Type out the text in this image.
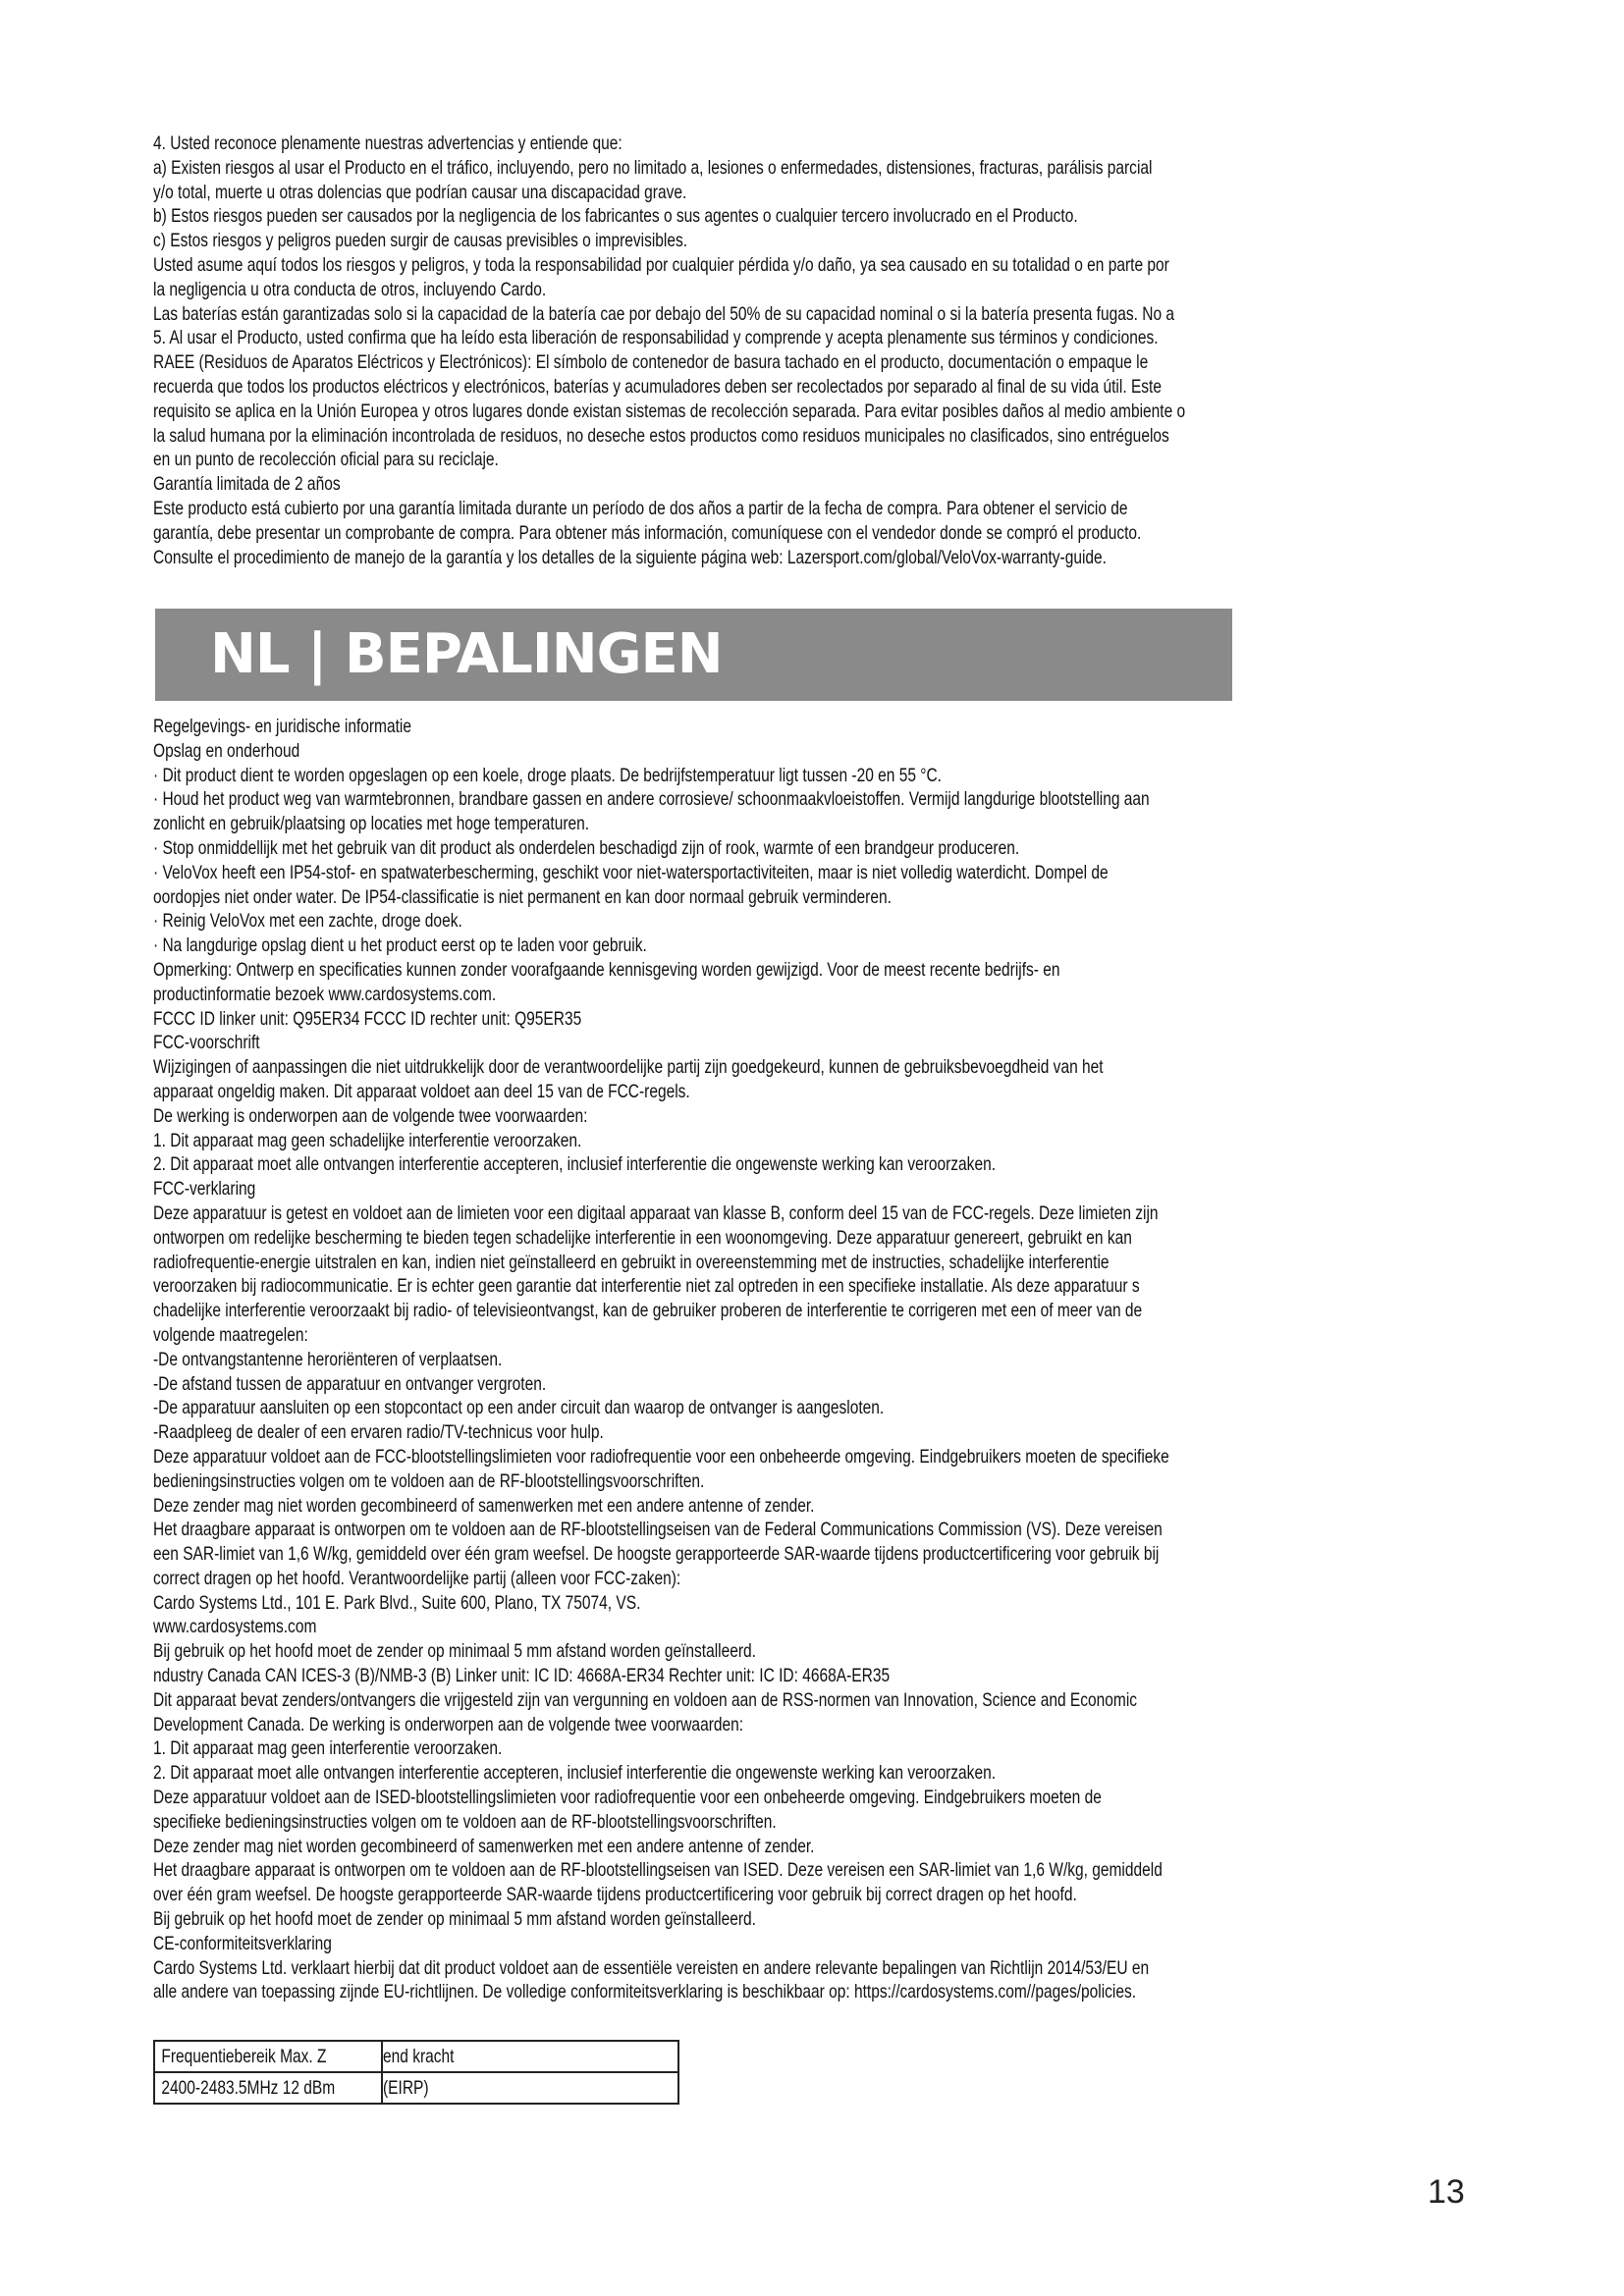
4. Usted reconoce plenamente nuestras advertencias y entiende que:
a) Existen riesgos al usar el Producto en el tráfico, incluyendo, pero no limitado a, lesiones o enfermedades, distensiones, fracturas, parálisis parcial
y/o total, muerte u otras dolencias que podrían causar una discapacidad grave.
b) Estos riesgos pueden ser causados por la negligencia de los fabricantes o sus agentes o cualquier tercero involucrado en el Producto.
c) Estos riesgos y peligros pueden surgir de causas previsibles o imprevisibles.
Usted asume aquí todos los riesgos y peligros, y toda la responsabilidad por cualquier pérdida y/o daño, ya sea causado en su totalidad o en parte por
la negligencia u otra conducta de otros, incluyendo Cardo.
Las baterías están garantizadas solo si la capacidad de la batería cae por debajo del 50% de su capacidad nominal o si la batería presenta fugas. No a
5. Al usar el Producto, usted confirma que ha leído esta liberación de responsabilidad y comprende y acepta plenamente sus términos y condiciones.
RAEE (Residuos de Aparatos Eléctricos y Electrónicos): El símbolo de contenedor de basura tachado en el producto, documentación o empaque le
recuerda que todos los productos eléctricos y electrónicos, baterías y acumuladores deben ser recolectados por separado al final de su vida útil. Este
requisito se aplica en la Unión Europea y otros lugares donde existan sistemas de recolección separada. Para evitar posibles daños al medio ambiente o
la salud humana por la eliminación incontrolada de residuos, no deseche estos productos como residuos municipales no clasificados, sino entréguelos
en un punto de recolección oficial para su reciclaje.
Garantía limitada de 2 años
Este producto está cubierto por una garantía limitada durante un período de dos años a partir de la fecha de compra. Para obtener el servicio de
garantía, debe presentar un comprobante de compra. Para obtener más información, comuníquese con el vendedor donde se compró el producto.
Consulte el procedimiento de manejo de la garantía y los detalles de la siguiente página web: Lazersport.com/global/VeloVox-warranty-guide.
NL | BEPALINGEN
Regelgevings- en juridische informatie
Opslag en onderhoud
· Dit product dient te worden opgeslagen op een koele, droge plaats. De bedrijfstemperatuur ligt tussen -20 en 55 °C.
· Houd het product weg van warmtebronnen, brandbare gassen en andere corrosieve/ schoonmaakvloeistoffen. Vermijd langdurige blootstelling aan
zonlicht en gebruik/plaatsing op locaties met hoge temperaturen.
· Stop onmiddellijk met het gebruik van dit product als onderdelen beschadigd zijn of rook, warmte of een brandgeur produceren.
· VeloVox heeft een IP54-stof- en spatwaterbescherming, geschikt voor niet-watersportactiviteiten, maar is niet volledig waterdicht. Dompel de
oordopjes niet onder water. De IP54-classificatie is niet permanent en kan door normaal gebruik verminderen.
· Reinig VeloVox met een zachte, droge doek.
· Na langdurige opslag dient u het product eerst op te laden voor gebruik.
Opmerking: Ontwerp en specificaties kunnen zonder voorafgaande kennisgeving worden gewijzigd. Voor de meest recente bedrijfs- en
productinformatie bezoek www.cardosystems.com.
FCCC ID linker unit: Q95ER34 FCCC ID rechter unit: Q95ER35
FCC-voorschrift
Wijzigingen of aanpassingen die niet uitdrukkelijk door de verantwoordelijke partij zijn goedgekeurd, kunnen de gebruiksbevoegdheid van het
apparaat ongeldig maken. Dit apparaat voldoet aan deel 15 van de FCC-regels.
De werking is onderworpen aan de volgende twee voorwaarden:
1. Dit apparaat mag geen schadelijke interferentie veroorzaken.
2. Dit apparaat moet alle ontvangen interferentie accepteren, inclusief interferentie die ongewenste werking kan veroorzaken.
FCC-verklaring
Deze apparatuur is getest en voldoet aan de limieten voor een digitaal apparaat van klasse B, conform deel 15 van de FCC-regels. Deze limieten zijn
ontworpen om redelijke bescherming te bieden tegen schadelijke interferentie in een woonomgeving. Deze apparatuur genereert, gebruikt en kan
radiofrequentie-energie uitstralen en kan, indien niet geïnstalleerd en gebruikt in overeenstemming met de instructies, schadelijke interferentie
veroorzaken bij radiocommunicatie. Er is echter geen garantie dat interferentie niet zal optreden in een specifieke installatie. Als deze apparatuur s
chadelijke interferentie veroorzaakt bij radio- of televisieontvangst, kan de gebruiker proberen de interferentie te corrigeren met een of meer van de
volgende maatregelen:
-De ontvangstantenne heroriënteren of verplaatsen.
-De afstand tussen de apparatuur en ontvanger vergroten.
-De apparatuur aansluiten op een stopcontact op een ander circuit dan waarop de ontvanger is aangesloten.
-Raadpleeg de dealer of een ervaren radio/TV-technicus voor hulp.
Deze apparatuur voldoet aan de FCC-blootstellingslimieten voor radiofrequentie voor een onbeheerde omgeving. Eindgebruikers moeten de specifieke
bedieningsinstructies volgen om te voldoen aan de RF-blootstellingsvoorschriften.
Deze zender mag niet worden gecombineerd of samenwerken met een andere antenne of zender.
Het draagbare apparaat is ontworpen om te voldoen aan de RF-blootstellingseisen van de Federal Communications Commission (VS). Deze vereisen
een SAR-limiet van 1,6 W/kg, gemiddeld over één gram weefsel. De hoogste gerapporteerde SAR-waarde tijdens productcertificering voor gebruik bij
correct dragen op het hoofd. Verantwoordelijke partij (alleen voor FCC-zaken):
Cardo Systems Ltd., 101 E. Park Blvd., Suite 600, Plano, TX 75074, VS.
www.cardosystems.com
Bij gebruik op het hoofd moet de zender op minimaal 5 mm afstand worden geïnstalleerd.
ndustry Canada CAN ICES-3 (B)/NMB-3 (B) Linker unit: IC ID: 4668A-ER34 Rechter unit: IC ID: 4668A-ER35
Dit apparaat bevat zenders/ontvangers die vrijgesteld zijn van vergunning en voldoen aan de RSS-normen van Innovation, Science and Economic
Development Canada. De werking is onderworpen aan de volgende twee voorwaarden:
1. Dit apparaat mag geen interferentie veroorzaken.
2. Dit apparaat moet alle ontvangen interferentie accepteren, inclusief interferentie die ongewenste werking kan veroorzaken.
Deze apparatuur voldoet aan de ISED-blootstellingslimieten voor radiofrequentie voor een onbeheerde omgeving. Eindgebruikers moeten de
specifieke bedieningsinstructies volgen om te voldoen aan de RF-blootstellingsvoorschriften.
Deze zender mag niet worden gecombineerd of samenwerken met een andere antenne of zender.
Het draagbare apparaat is ontworpen om te voldoen aan de RF-blootstellingseisen van ISED. Deze vereisen een SAR-limiet van 1,6 W/kg, gemiddeld
over één gram weefsel. De hoogste gerapporteerde SAR-waarde tijdens productcertificering voor gebruik bij correct dragen op het hoofd.
Bij gebruik op het hoofd moet de zender op minimaal 5 mm afstand worden geïnstalleerd.
CE-conformiteitsverklaring
Cardo Systems Ltd. verklaart hierbij dat dit product voldoet aan de essentiële vereisten en andere relevante bepalingen van Richtlijn 2014/53/EU en
alle andere van toepassing zijnde EU-richtlijnen. De volledige conformiteitsverklaring is beschikbaar op: https://cardosystems.com//pages/policies.
Frequentiebereik Max. Z	end kracht
2400-2483.5MHz 12 dBm	(EIRP)
13
